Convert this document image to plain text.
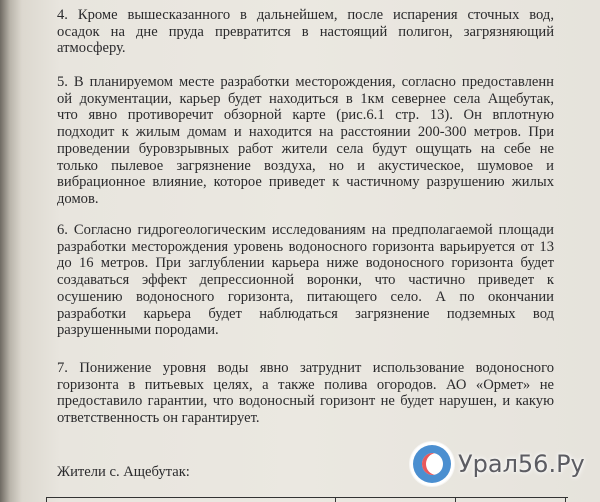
4. Кроме вышесказанного в дальнейшем, после испарения сточных вод,
осадок на дне пруда превратится в настоящий полигон, загрязняющий
атмосферу.
5. В планируемом месте разработки месторождения, согласно предоставленн
ой документации, карьер будет находиться в 1км севернее села Ащебутак,
что явно противоречит обзорной карте (рис.6.1 стр. 13). Он вплотную
подходит к жилым домам и находится на расстоянии 200-300 метров. При
проведении буровзрывных работ жители села будут ощущать на себе не
только пылевое загрязнение воздуха, но и акустическое, шумовое и
вибрационное влияние, которое приведет к частичному разрушению жилых
домов.
6. Согласно гидрогеологическим исследованиям на предполагаемой площади
разработки месторождения уровень водоносного горизонта варьируется от 13
до 16 метров. При заглублении карьера ниже водоносного горизонта будет
создаваться эффект депрессионной воронки, что частично приведет к
осушению водоносного горизонта, питающего село. А по окончании
разработки карьера будет наблюдаться загрязнение подземных вод
разрушенными породами.
7. Понижение уровня воды явно затруднит использование водоносного
горизонта в питьевых целях, а также полива огородов. АО «Ормет» не
предоставило гарантии, что водоносный горизонт не будет нарушен, и какую
ответственность он гарантирует.
Жители с. Ащебутак:	Урал56.Ру
